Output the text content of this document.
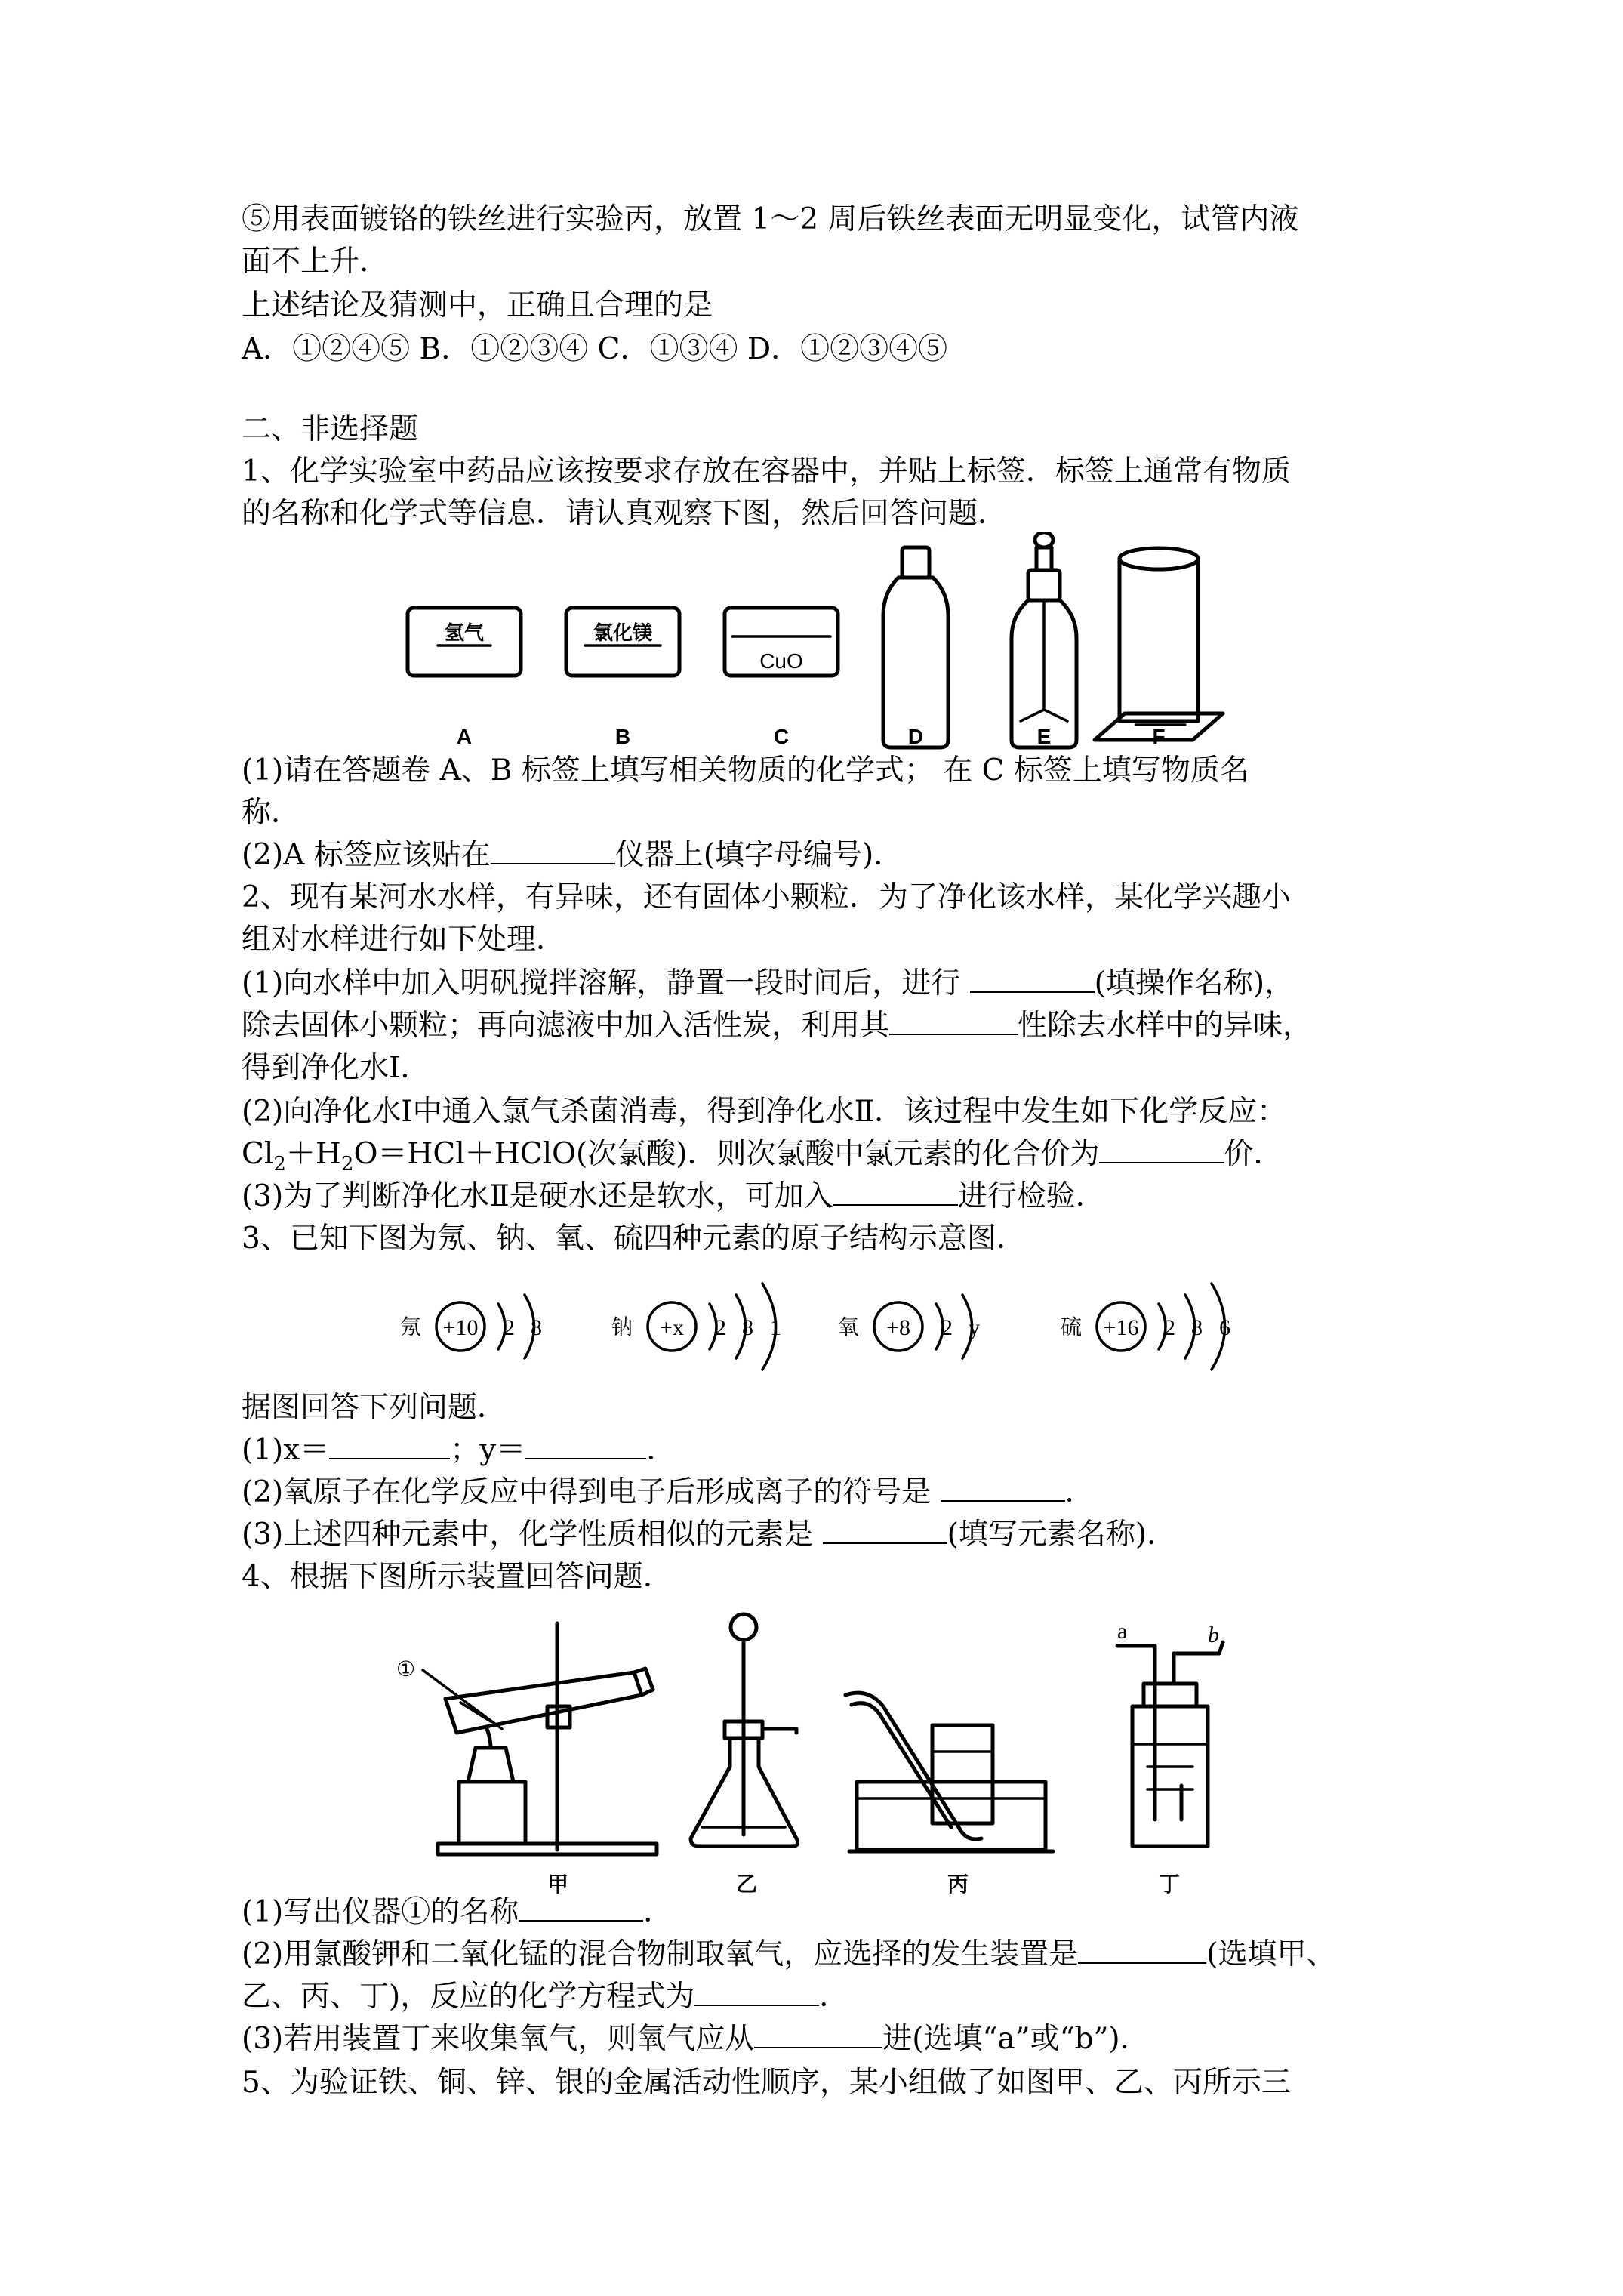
⑤用表面镀铬的铁丝进行实验丙，放置 1～2 周后铁丝表面无明显变化，试管内液
面不上升.
上述结论及猜测中，正确且合理的是
A．①②④⑤ B．①②③④ C．①③④ D．①②③④⑤
二、非选择题
1、化学实验室中药品应该按要求存放在容器中，并贴上标签．标签上通常有物质
的名称和化学式等信息．请认真观察下图，然后回答问题．
氢气	氯化镁
CuO
A	B	C	D	E	F
(1)请在答题卷 A、B 标签上填写相关物质的化学式； 在 C 标签上填写物质名
称．
(2)A 标签应该贴在	仪器上(填字母编号)．
2、现有某河水水样，有异味，还有固体小颗粒．为了净化该水样，某化学兴趣小
组对水样进行如下处理．
(1)向水样中加入明矾搅拌溶解，静置一段时间后，进行	(填操作名称)，
除去固体小颗粒；再向滤液中加入活性炭，利用其	性除去水样中的异味，
得到净化水Ⅰ．
(2)向净化水Ⅰ中通入氯气杀菌消毒，得到净化水Ⅱ．该过程中发生如下化学反应：
$Cl_2+H_2O=HCl+HClO$(次氯酸)．则次氯酸中氯元素的化合价为	价．
(3)为了判断净化水Ⅱ是硬水还是软水，可加入	进行检验．
3、已知下图为氖、钠、氧、硫四种元素的原子结构示意图．
氖 +10 2 8	钠 +x 2 8 1	氧 +8 2 y	硫 +16 2 8 6
据图回答下列问题．
(1)x＝	；y＝	．
(2)氧原子在化学反应中得到电子后形成离子的符号是	．
(3)上述四种元素中，化学性质相似的元素是	(填写元素名称)．
4、根据下图所示装置回答问题．
①
a	b
甲	乙	丙	丁
(1)写出仪器①的名称	．
(2)用氯酸钾和二氧化锰的混合物制取氧气，应选择的发生装置是	(选填甲、
乙、丙、丁)，反应的化学方程式为	．
(3)若用装置丁来收集氧气，则氧气应从	进(选填“a”或“b”)．
5、为验证铁、铜、锌、银的金属活动性顺序，某小组做了如图甲、乙、丙所示三
